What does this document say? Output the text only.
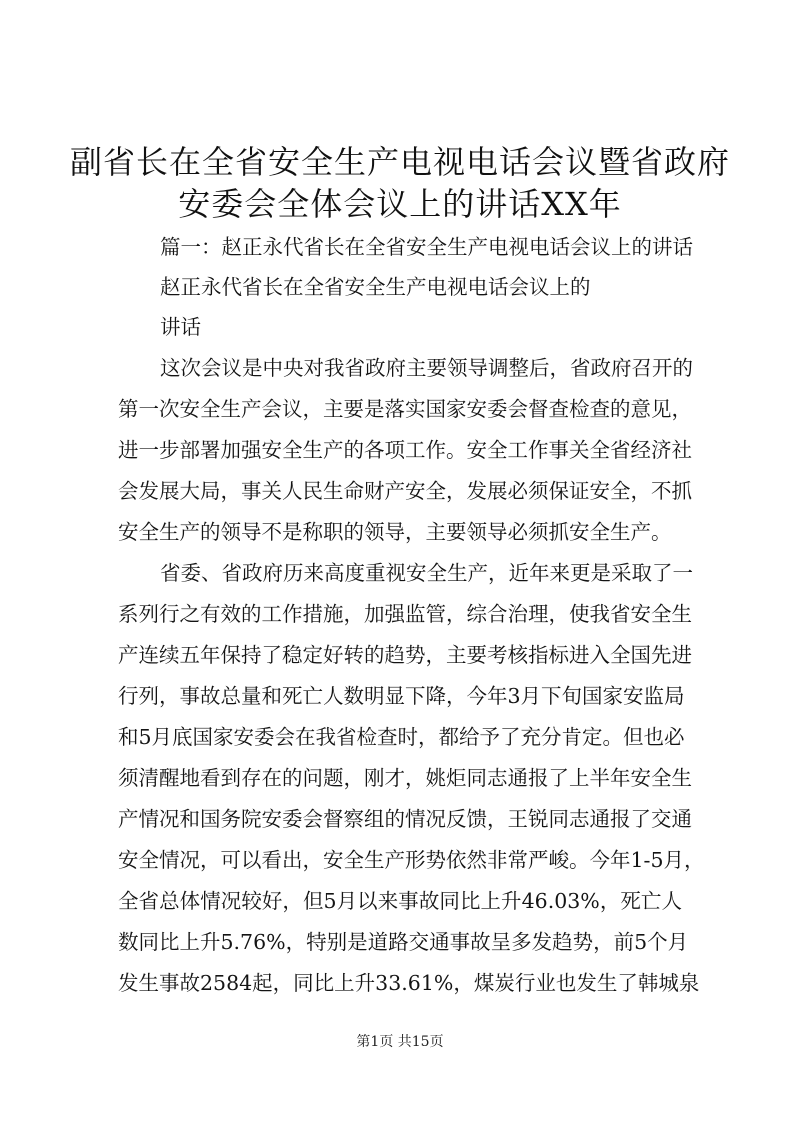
副省长在全省安全生产电视电话会议暨省政府
安委会全体会议上的讲话XX年
篇一：赵正永代省长在全省安全生产电视电话会议上的讲话
赵正永代省长在全省安全生产电视电话会议上的
讲话
这次会议是中央对我省政府主要领导调整后，省政府召开的
第一次安全生产会议，主要是落实国家安委会督查检查的意见，
进一步部署加强安全生产的各项工作。安全工作事关全省经济社
会发展大局，事关人民生命财产安全，发展必须保证安全，不抓
安全生产的领导不是称职的领导，主要领导必须抓安全生产。
省委、省政府历来高度重视安全生产，近年来更是采取了一
系列行之有效的工作措施，加强监管，综合治理，使我省安全生
产连续五年保持了稳定好转的趋势，主要考核指标进入全国先进
行列，事故总量和死亡人数明显下降，今年3月下旬国家安监局
和5月底国家安委会在我省检查时，都给予了充分肯定。但也必
须清醒地看到存在的问题，刚才，姚炬同志通报了上半年安全生
产情况和国务院安委会督察组的情况反馈，王锐同志通报了交通
安全情况，可以看出，安全生产形势依然非常严峻。今年1-5月，
全省总体情况较好，但5月以来事故同比上升46.03%，死亡人
数同比上升5.76%，特别是道路交通事故呈多发趋势，前5个月
发生事故2584起，同比上升33.61%，煤炭行业也发生了韩城泉
第1页 共15页
